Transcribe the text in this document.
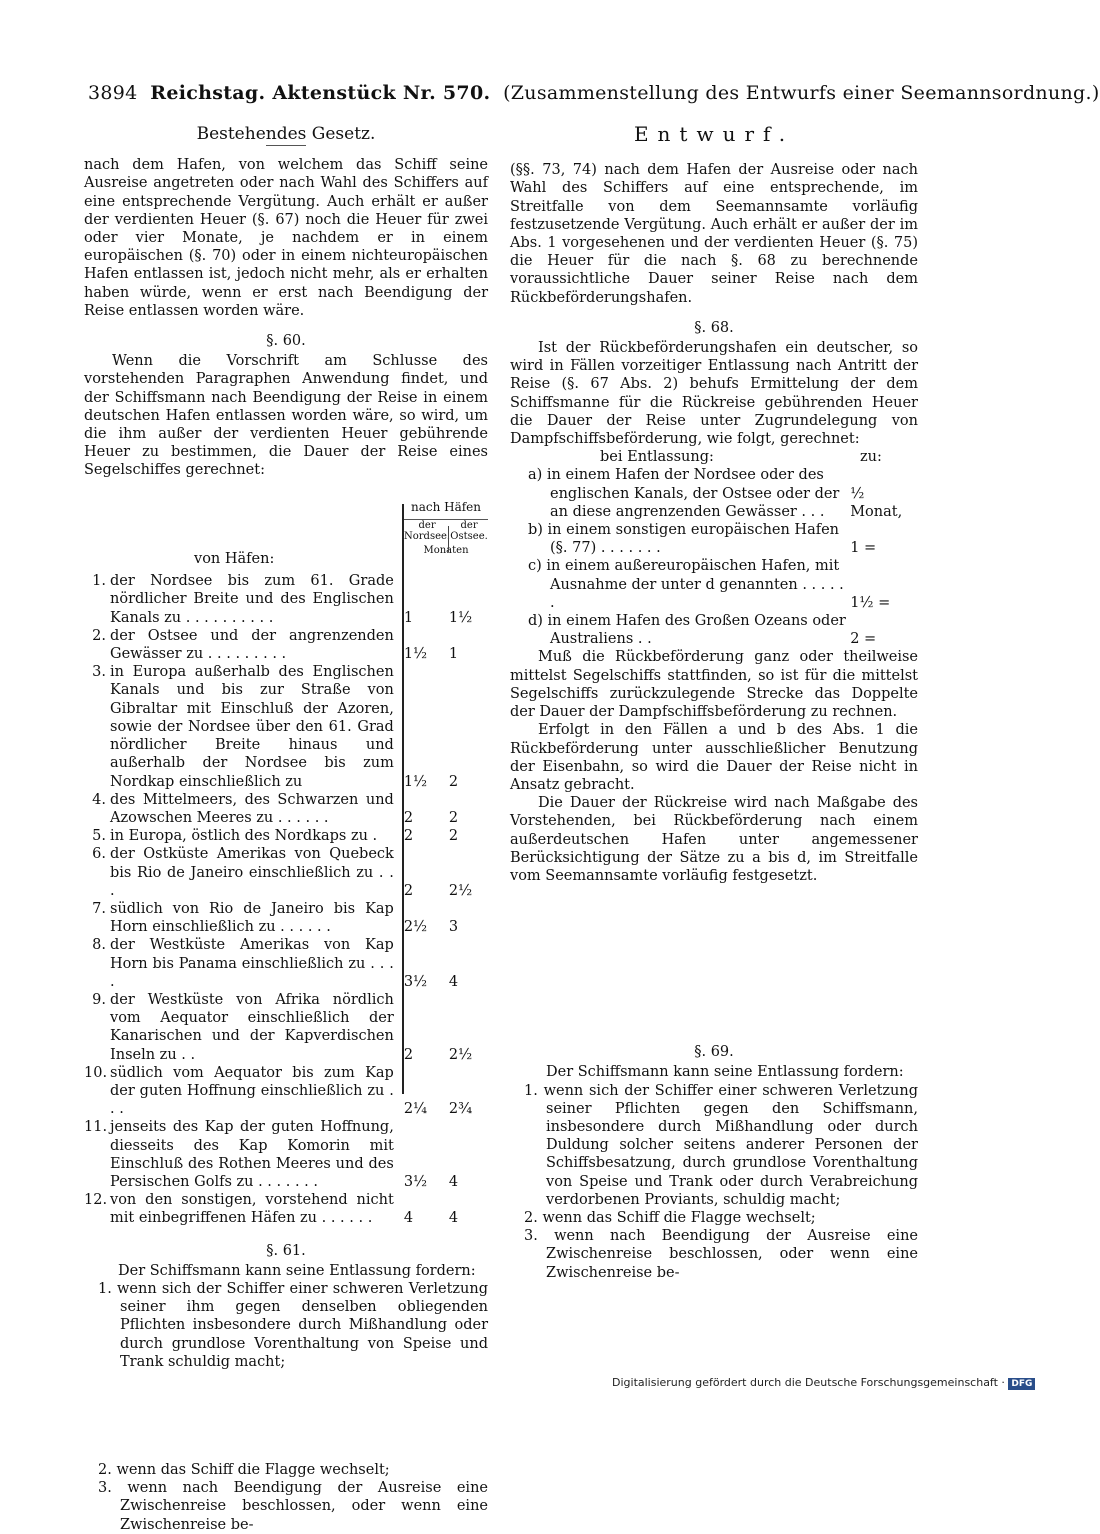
3894 Reichstag. Aktenstück Nr. 570. (Zusammenstellung des Entwurfs einer Seemannsordnung.)
Bestehendes Gesetz.

nach dem Hafen, von welchem das Schiff seine Ausreise angetreten oder nach Wahl des Schiffers auf eine entsprechende Vergütung. Auch erhält er außer der verdienten Heuer (§. 67) noch die Heuer für zwei oder vier Monate, je nachdem er in einem europäischen (§. 70) oder in einem nichteuropäischen Hafen entlassen ist, jedoch nicht mehr, als er erhalten haben würde, wenn er erst nach Beendigung der Reise entlassen worden wäre.

§. 60.

Wenn die Vorschrift am Schlusse des vorstehenden Paragraphen Anwendung findet, und der Schiffsmann nach Beendigung der Reise in einem deutschen Hafen entlassen worden wäre, so wird, um die ihm außer der verdienten Heuer gebührende Heuer zu bestimmen, die Dauer der Reise eines Segelschiffes gerechnet:

nach Häfen
der Nordsee.
der Ostsee.
Monaten
von Häfen:
1. der Nordsee bis zum 61. Grade nördlicher Breite und des Englischen Kanals zu . . . . . . . . . .	1	1½
2. der Ostsee und der angrenzenden Gewässer zu . . . . . . . . .	1½	1
3. in Europa außerhalb des Englischen Kanals und bis zur Straße von Gibraltar mit Einschluß der Azoren, sowie der Nordsee über den 61. Grad nördlicher Breite hinaus und außerhalb der Nordsee bis zum Nordkap einschließlich zu	1½	2
4. des Mittelmeers, des Schwarzen und Azowschen Meeres zu . . . . . .	2	2
5. in Europa, östlich des Nordkaps zu .	2	2
6. der Ostküste Amerikas von Quebeck bis Rio de Janeiro einschließlich zu . . .	2	2½
7. südlich von Rio de Janeiro bis Kap Horn einschließlich zu . . . . . .	2½	3
8. der Westküste Amerikas von Kap Horn bis Panama einschließlich zu . . . .	3½	4
9. der Westküste von Afrika nördlich vom Aequator einschließlich der Kanarischen und der Kapverdischen Inseln zu . .	2	2½
10. südlich vom Aequator bis zum Kap der guten Hoffnung einschließlich zu . . .	2¼	2¾
11. jenseits des Kap der guten Hoffnung, diesseits des Kap Komorin mit Einschluß des Rothen Meeres und des Persischen Golfs zu . . . . . . .	3½	4
12. von den sonstigen, vorstehend nicht mit einbegriffenen Häfen zu . . . . . .	4	4
§. 61.

Der Schiffsmann kann seine Entlassung fordern:

1. wenn sich der Schiffer einer schweren Verletzung seiner ihm gegen denselben obliegenden Pflichten insbesondere durch Mißhandlung oder durch grundlose Vorenthaltung von Speise und Trank schuldig macht;

2. wenn das Schiff die Flagge wechselt;

3. wenn nach Beendigung der Ausreise eine Zwischenreise beschlossen, oder wenn eine Zwischenreise be-

Entwurf.

(§§. 73, 74) nach dem Hafen der Ausreise oder nach Wahl des Schiffers auf eine entsprechende, im Streitfalle von dem Seemannsamte vorläufig festzusetzende Vergütung. Auch erhält er außer der im Abs. 1 vorgesehenen und der verdienten Heuer (§. 75) die Heuer für die nach §. 68 zu berechnende voraussichtliche Dauer seiner Reise nach dem Rückbeförderungshafen.

§. 68.

Ist der Rückbeförderungshafen ein deutscher, so wird in Fällen vorzeitiger Entlassung nach Antritt der Reise (§. 67 Abs. 2) behufs Ermittelung der dem Schiffsmanne für die Rückreise gebührenden Heuer die Dauer der Reise unter Zugrundelegung von Dampfschiffsbeförderung, wie folgt, gerechnet:

bei Entlassung:	zu:
a) in einem Hafen der Nordsee oder des englischen Kanals, der Ostsee oder der an diese angrenzenden Gewässer . . .
½ Monat,
b) in einem sonstigen europäischen Hafen (§. 77) . . . . . . .	1 =
c) in einem außereuropäischen Hafen, mit Ausnahme der unter d genannten . . . . . .	1½ =
d) in einem Hafen des Großen Ozeans oder Australiens . .	2 =

Muß die Rückbeförderung ganz oder theilweise mittelst Segelschiffs stattfinden, so ist für die mittelst Segelschiffs zurückzulegende Strecke das Doppelte der Dauer der Dampfschiffsbeförderung zu rechnen.

Erfolgt in den Fällen a und b des Abs. 1 die Rückbeförderung unter ausschließlicher Benutzung der Eisenbahn, so wird die Dauer der Reise nicht in Ansatz gebracht.

Die Dauer der Rückreise wird nach Maßgabe des Vorstehenden, bei Rückbeförderung nach einem außerdeutschen Hafen unter angemessener Berücksichtigung der Sätze zu a bis d, im Streitfalle vom Seemannsamte vorläufig festgesetzt.

§. 69.

Der Schiffsmann kann seine Entlassung fordern:

1. wenn sich der Schiffer einer schweren Verletzung seiner Pflichten gegen den Schiffsmann, insbesondere durch Mißhandlung oder durch Duldung solcher seitens anderer Personen der Schiffsbesatzung, durch grundlose Vorenthaltung von Speise und Trank oder durch Verabreichung verdorbenen Proviants, schuldig macht;

2. wenn das Schiff die Flagge wechselt;

3. wenn nach Beendigung der Ausreise eine Zwischenreise beschlossen, oder wenn eine Zwischenreise be-

Digitalisierung gefördert durch die Deutsche Forschungsgemeinschaft · DFG
